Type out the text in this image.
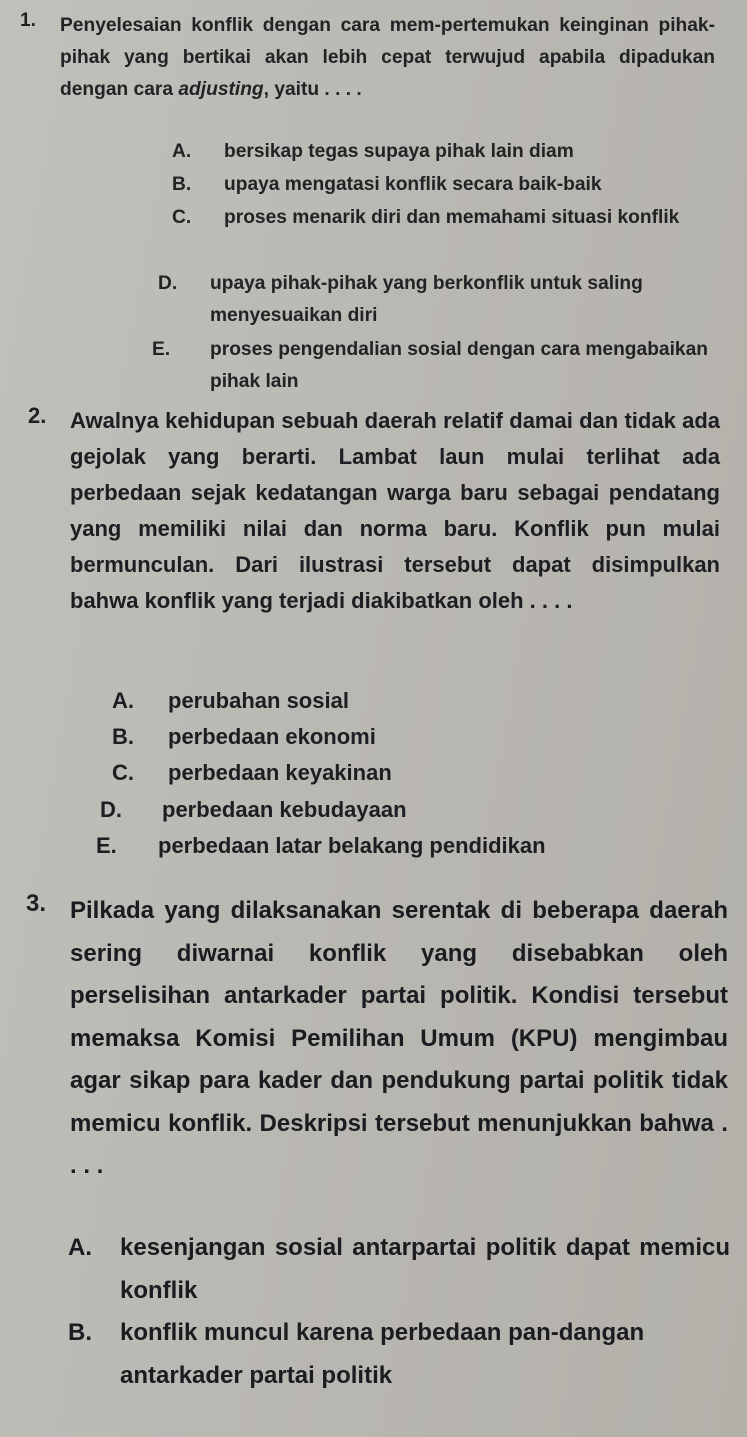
1. Penyelesaian konflik dengan cara mem-pertemukan keinginan pihak-pihak yang bertikai akan lebih cepat terwujud apabila dipadukan dengan cara adjusting, yaitu . . . .
A. bersikap tegas supaya pihak lain diam
B. upaya mengatasi konflik secara baik-baik
C. proses menarik diri dan memahami situasi konflik
D. upaya pihak-pihak yang berkonflik untuk saling menyesuaikan diri
E. proses pengendalian sosial dengan cara mengabaikan pihak lain
2. Awalnya kehidupan sebuah daerah relatif damai dan tidak ada gejolak yang berarti. Lambat laun mulai terlihat ada perbedaan sejak kedatangan warga baru sebagai pendatang yang memiliki nilai dan norma baru. Konflik pun mulai bermunculan. Dari ilustrasi tersebut dapat disimpulkan bahwa konflik yang terjadi diakibatkan oleh . . . .
A. perubahan sosial
B. perbedaan ekonomi
C. perbedaan keyakinan
D. perbedaan kebudayaan
E. perbedaan latar belakang pendidikan
3. Pilkada yang dilaksanakan serentak di beberapa daerah sering diwarnai konflik yang disebabkan oleh perselisihan antarkader partai politik. Kondisi tersebut memaksa Komisi Pemilihan Umum (KPU) mengimbau agar sikap para kader dan pendukung partai politik tidak memicu konflik. Deskripsi tersebut menunjukkan bahwa . . . .
A. kesenjangan sosial antarpartai politik dapat memicu konflik
B. konflik muncul karena perbedaan pan-dangan antarkader partai politik
